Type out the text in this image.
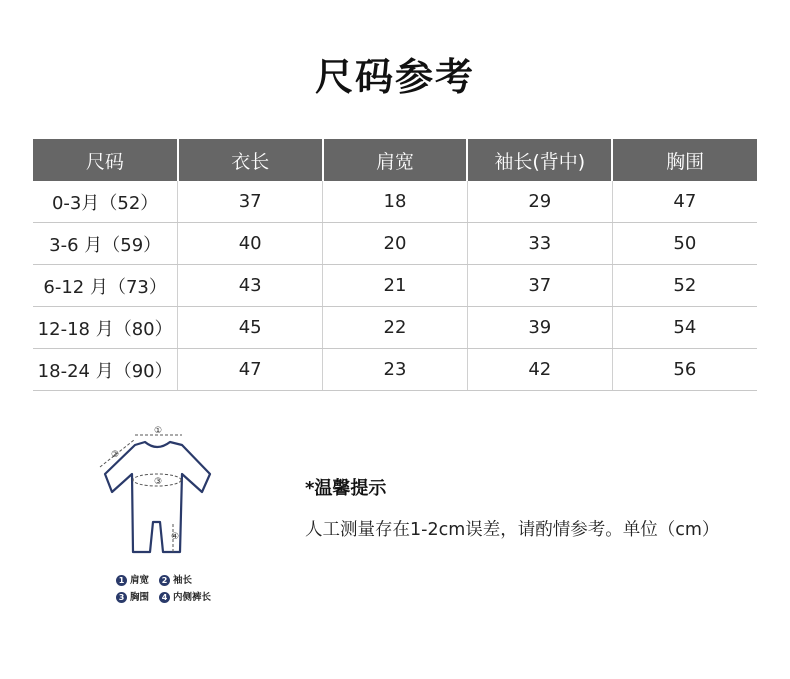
尺码参考
尺码	衣长	肩宽	袖长(背中)	胸围
0-3月（52）	37	18	29	47
3-6 月（59）	40	20	33	50
6-12 月（73）	43	21	37	52
12-18 月（80）	45	22	39	54
18-24 月（90）	47	23	42	56
①
②
③
④
1 肩宽	2 袖长
3 胸围	4 内侧裤长
*温馨提示
人工测量存在1-2cm误差，请酌情参考。单位（cm）
